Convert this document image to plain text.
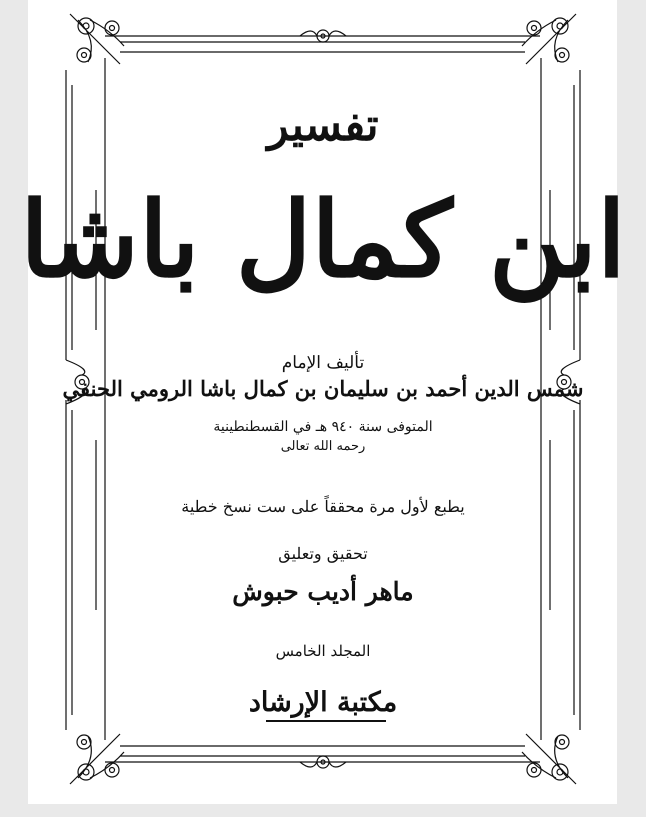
تفسير
ابن كمال باشا
تأليف الإمام
شمس الدين أحمد بن سليمان بن كمال باشا الرومي الحنفي
المتوفى سنة ٩٤٠ هـ في القسطنطينية
رحمه الله تعالى
يطبع لأول مرة محققاً على ست نسخ خطية
تحقيق وتعليق
ماهر أديب حبوش
المجلد الخامس
مكتبة الإرشاد
